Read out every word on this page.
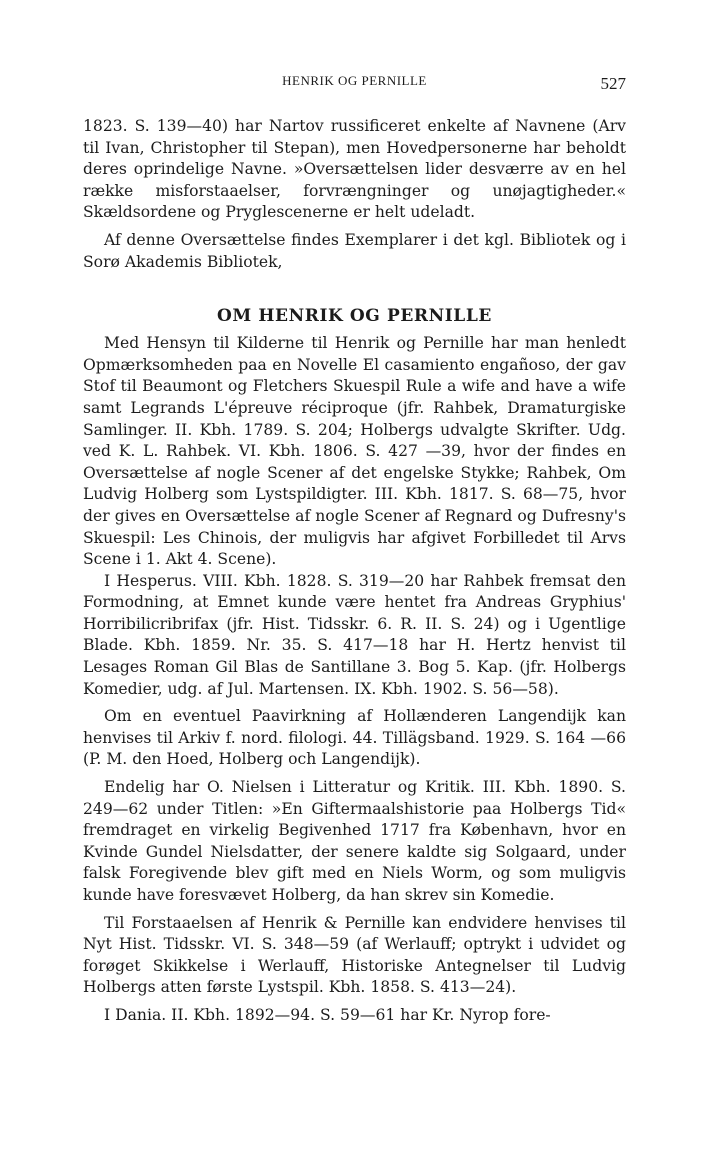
HENRIK OG PERNILLE	527

1823. S. 139—40) har Nartov russificeret enkelte af Navnene (Arv til Ivan, Christopher til Stepan), men Hovedpersonerne har beholdt deres oprindelige Navne. »Oversættelsen lider desværre av en hel række misforstaaelser, forvrængninger og unøjagtigheder.« Skældsordene og Pryglescenerne er helt udeladt.

Af denne Oversættelse findes Exemplarer i det kgl. Bibliotek og i Sorø Akademis Bibliotek,

OM HENRIK OG PERNILLE

Med Hensyn til Kilderne til Henrik og Pernille har man henledt Opmærksomheden paa en Novelle El casamiento engañoso, der gav Stof til Beaumont og Fletchers Skuespil Rule a wife and have a wife samt Legrands L'épreuve réciproque (jfr. Rahbek, Dramaturgiske Samlinger. II. Kbh. 1789. S. 204; Holbergs udvalgte Skrifter. Udg. ved K. L. Rahbek. VI. Kbh. 1806. S. 427 —39, hvor der findes en Oversættelse af nogle Scener af det engelske Stykke; Rahbek, Om Ludvig Holberg som Lystspildigter. III. Kbh. 1817. S. 68—75, hvor der gives en Oversættelse af nogle Scener af Regnard og Dufresny's Skuespil: Les Chinois, der muligvis har afgivet Forbilledet til Arvs Scene i 1. Akt 4. Scene).

I Hesperus. VIII. Kbh. 1828. S. 319—20 har Rahbek fremsat den Formodning, at Emnet kunde være hentet fra Andreas Gryphius' Horribilicribrifax (jfr. Hist. Tidsskr. 6. R. II. S. 24) og i Ugentlige Blade. Kbh. 1859. Nr. 35. S. 417—18 har H. Hertz henvist til Lesages Roman Gil Blas de Santillane 3. Bog 5. Kap. (jfr. Holbergs Komedier, udg. af Jul. Martensen. IX. Kbh. 1902. S. 56—58).

Om en eventuel Paavirkning af Hollænderen Langendijk kan henvises til Arkiv f. nord. filologi. 44. Tillägsband. 1929. S. 164 —66 (P. M. den Hoed, Holberg och Langendijk).

Endelig har O. Nielsen i Litteratur og Kritik. III. Kbh. 1890. S. 249—62 under Titlen: »En Giftermaalshistorie paa Holbergs Tid« fremdraget en virkelig Begivenhed 1717 fra København, hvor en Kvinde Gundel Nielsdatter, der senere kaldte sig Solgaard, under falsk Foregivende blev gift med en Niels Worm, og som muligvis kunde have foresvævet Holberg, da han skrev sin Komedie.

Til Forstaaelsen af Henrik & Pernille kan endvidere henvises til Nyt Hist. Tidsskr. VI. S. 348—59 (af Werlauff; optrykt i udvidet og forøget Skikkelse i Werlauff, Historiske Antegnelser til Ludvig Holbergs atten første Lystspil. Kbh. 1858. S. 413—24).

I Dania. II. Kbh. 1892—94. S. 59—61 har Kr. Nyrop fore-
